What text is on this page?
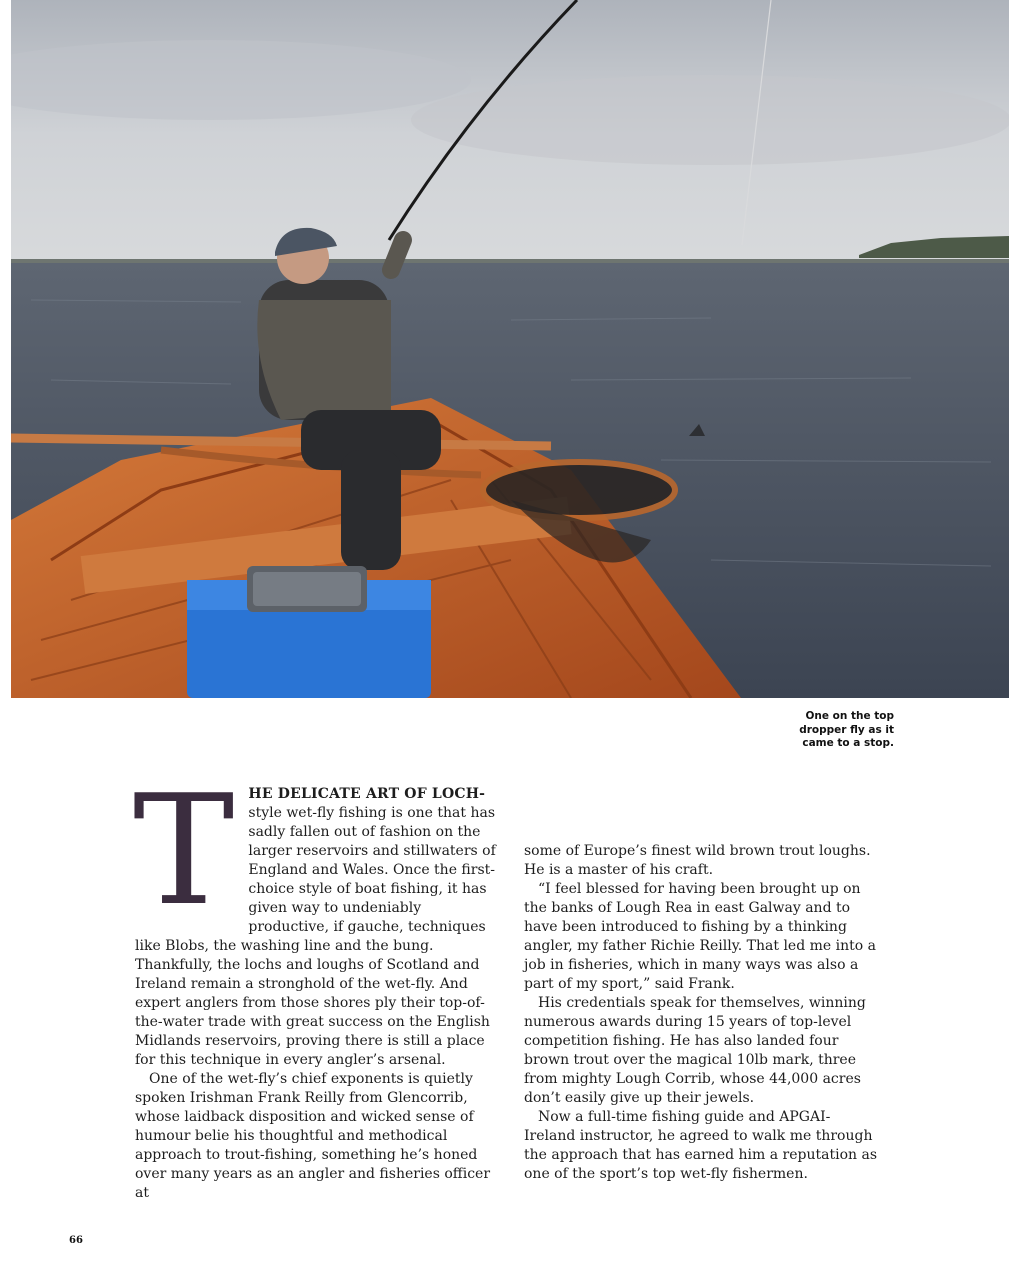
One on the top dropper fly as it came to a stop.
T	HE DELICATE ART OF LOCH-
style wet-fly fishing is one that has sadly fallen out of fashion on the larger reservoirs and stillwaters of England and Wales. Once the first-choice style of boat fishing, it has given way to undeniably productive, if gauche, techniques like Blobs, the washing line and the bung. Thankfully, the lochs and loughs of Scotland and Ireland remain a stronghold of the wet-fly. And expert anglers from those shores ply their top-of-the-water trade with great success on the English Midlands reservoirs, proving there is still a place for this technique in every angler’s arsenal.

One of the wet-fly’s chief exponents is quietly spoken Irishman Frank Reilly from Glencorrib, whose laidback disposition and wicked sense of humour belie his thoughtful and methodical approach to trout-fishing, something he’s honed over many years as an angler and fisheries officer at

some of Europe’s finest wild brown trout loughs. He is a master of his craft.

“I feel blessed for having been brought up on the banks of Lough Rea in east Galway and to have been introduced to fishing by a thinking angler, my father Richie Reilly. That led me into a job in fisheries, which in many ways was also a part of my sport,” said Frank.

His credentials speak for themselves, winning numerous awards during 15 years of top-level competition fishing. He has also landed four brown trout over the magical 10lb mark, three from mighty Lough Corrib, whose 44,000 acres don’t easily give up their jewels.

Now a full-time fishing guide and APGAI-Ireland instructor, he agreed to walk me through the approach that has earned him a reputation as one of the sport’s top wet-fly fishermen.

66
